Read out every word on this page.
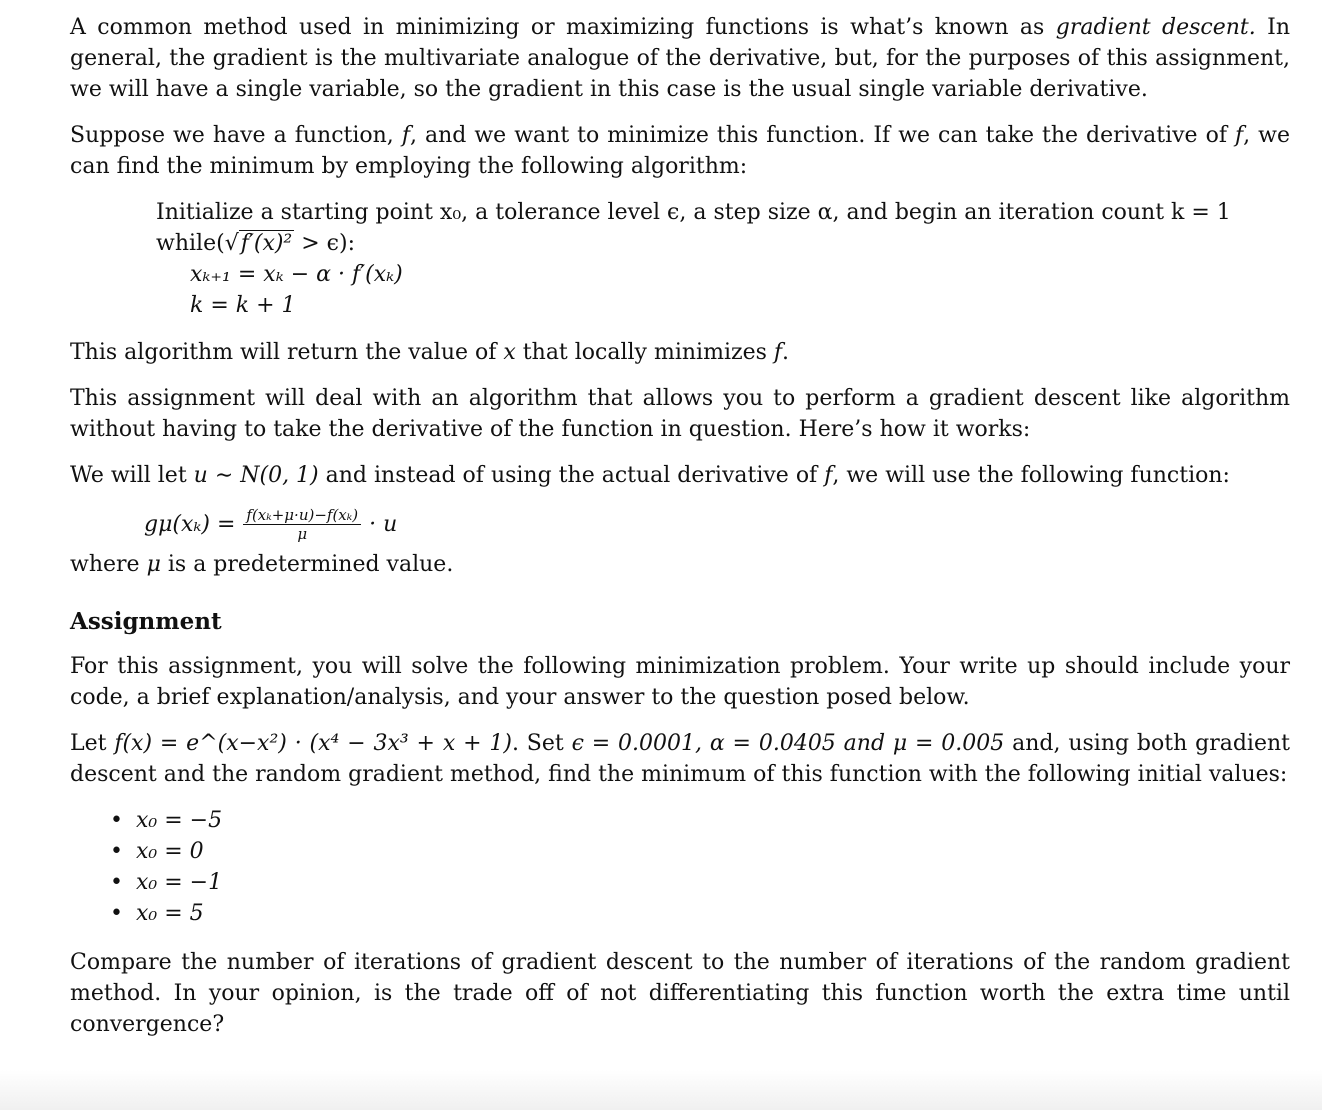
A common method used in minimizing or maximizing functions is what’s known as gradient descent. In general, the gradient is the multivariate analogue of the derivative, but, for the purposes of this assignment, we will have a single variable, so the gradient in this case is the usual single variable derivative.

Suppose we have a function, f, and we want to minimize this function. If we can take the derivative of f, we can find the minimum by employing the following algorithm:

Initialize a starting point x₀, a tolerance level ϵ, a step size α, and begin an iteration count k = 1
while(√f′(x)² > ϵ):
xₖ₊₁ = xₖ − α · f′(xₖ)
k = k + 1

This algorithm will return the value of x that locally minimizes f.

This assignment will deal with an algorithm that allows you to perform a gradient descent like algorithm without having to take the derivative of the function in question. Here’s how it works:

We will let u ∼ N(0, 1) and instead of using the actual derivative of f, we will use the following function:

$g\mu(x_k) = \frac{\text{f(xₖ+μ·u)−f(xₖ)}}{\mu} \cdot u$

where μ is a predetermined value.

Assignment

For this assignment, you will solve the following minimization problem. Your write up should include your code, a brief explanation/analysis, and your answer to the question posed below.

Let f(x) = e^(x−x²) · (x⁴ − 3x³ + x + 1). Set ϵ = 0.0001, α = 0.0405 and μ = 0.005 and, using both gradient descent and the random gradient method, find the minimum of this function with the following initial values:

• x₀ = −5
• x₀ = 0
• x₀ = −1
• x₀ = 5

Compare the number of iterations of gradient descent to the number of iterations of the random gradient method. In your opinion, is the trade off of not differentiating this function worth the extra time until convergence?
